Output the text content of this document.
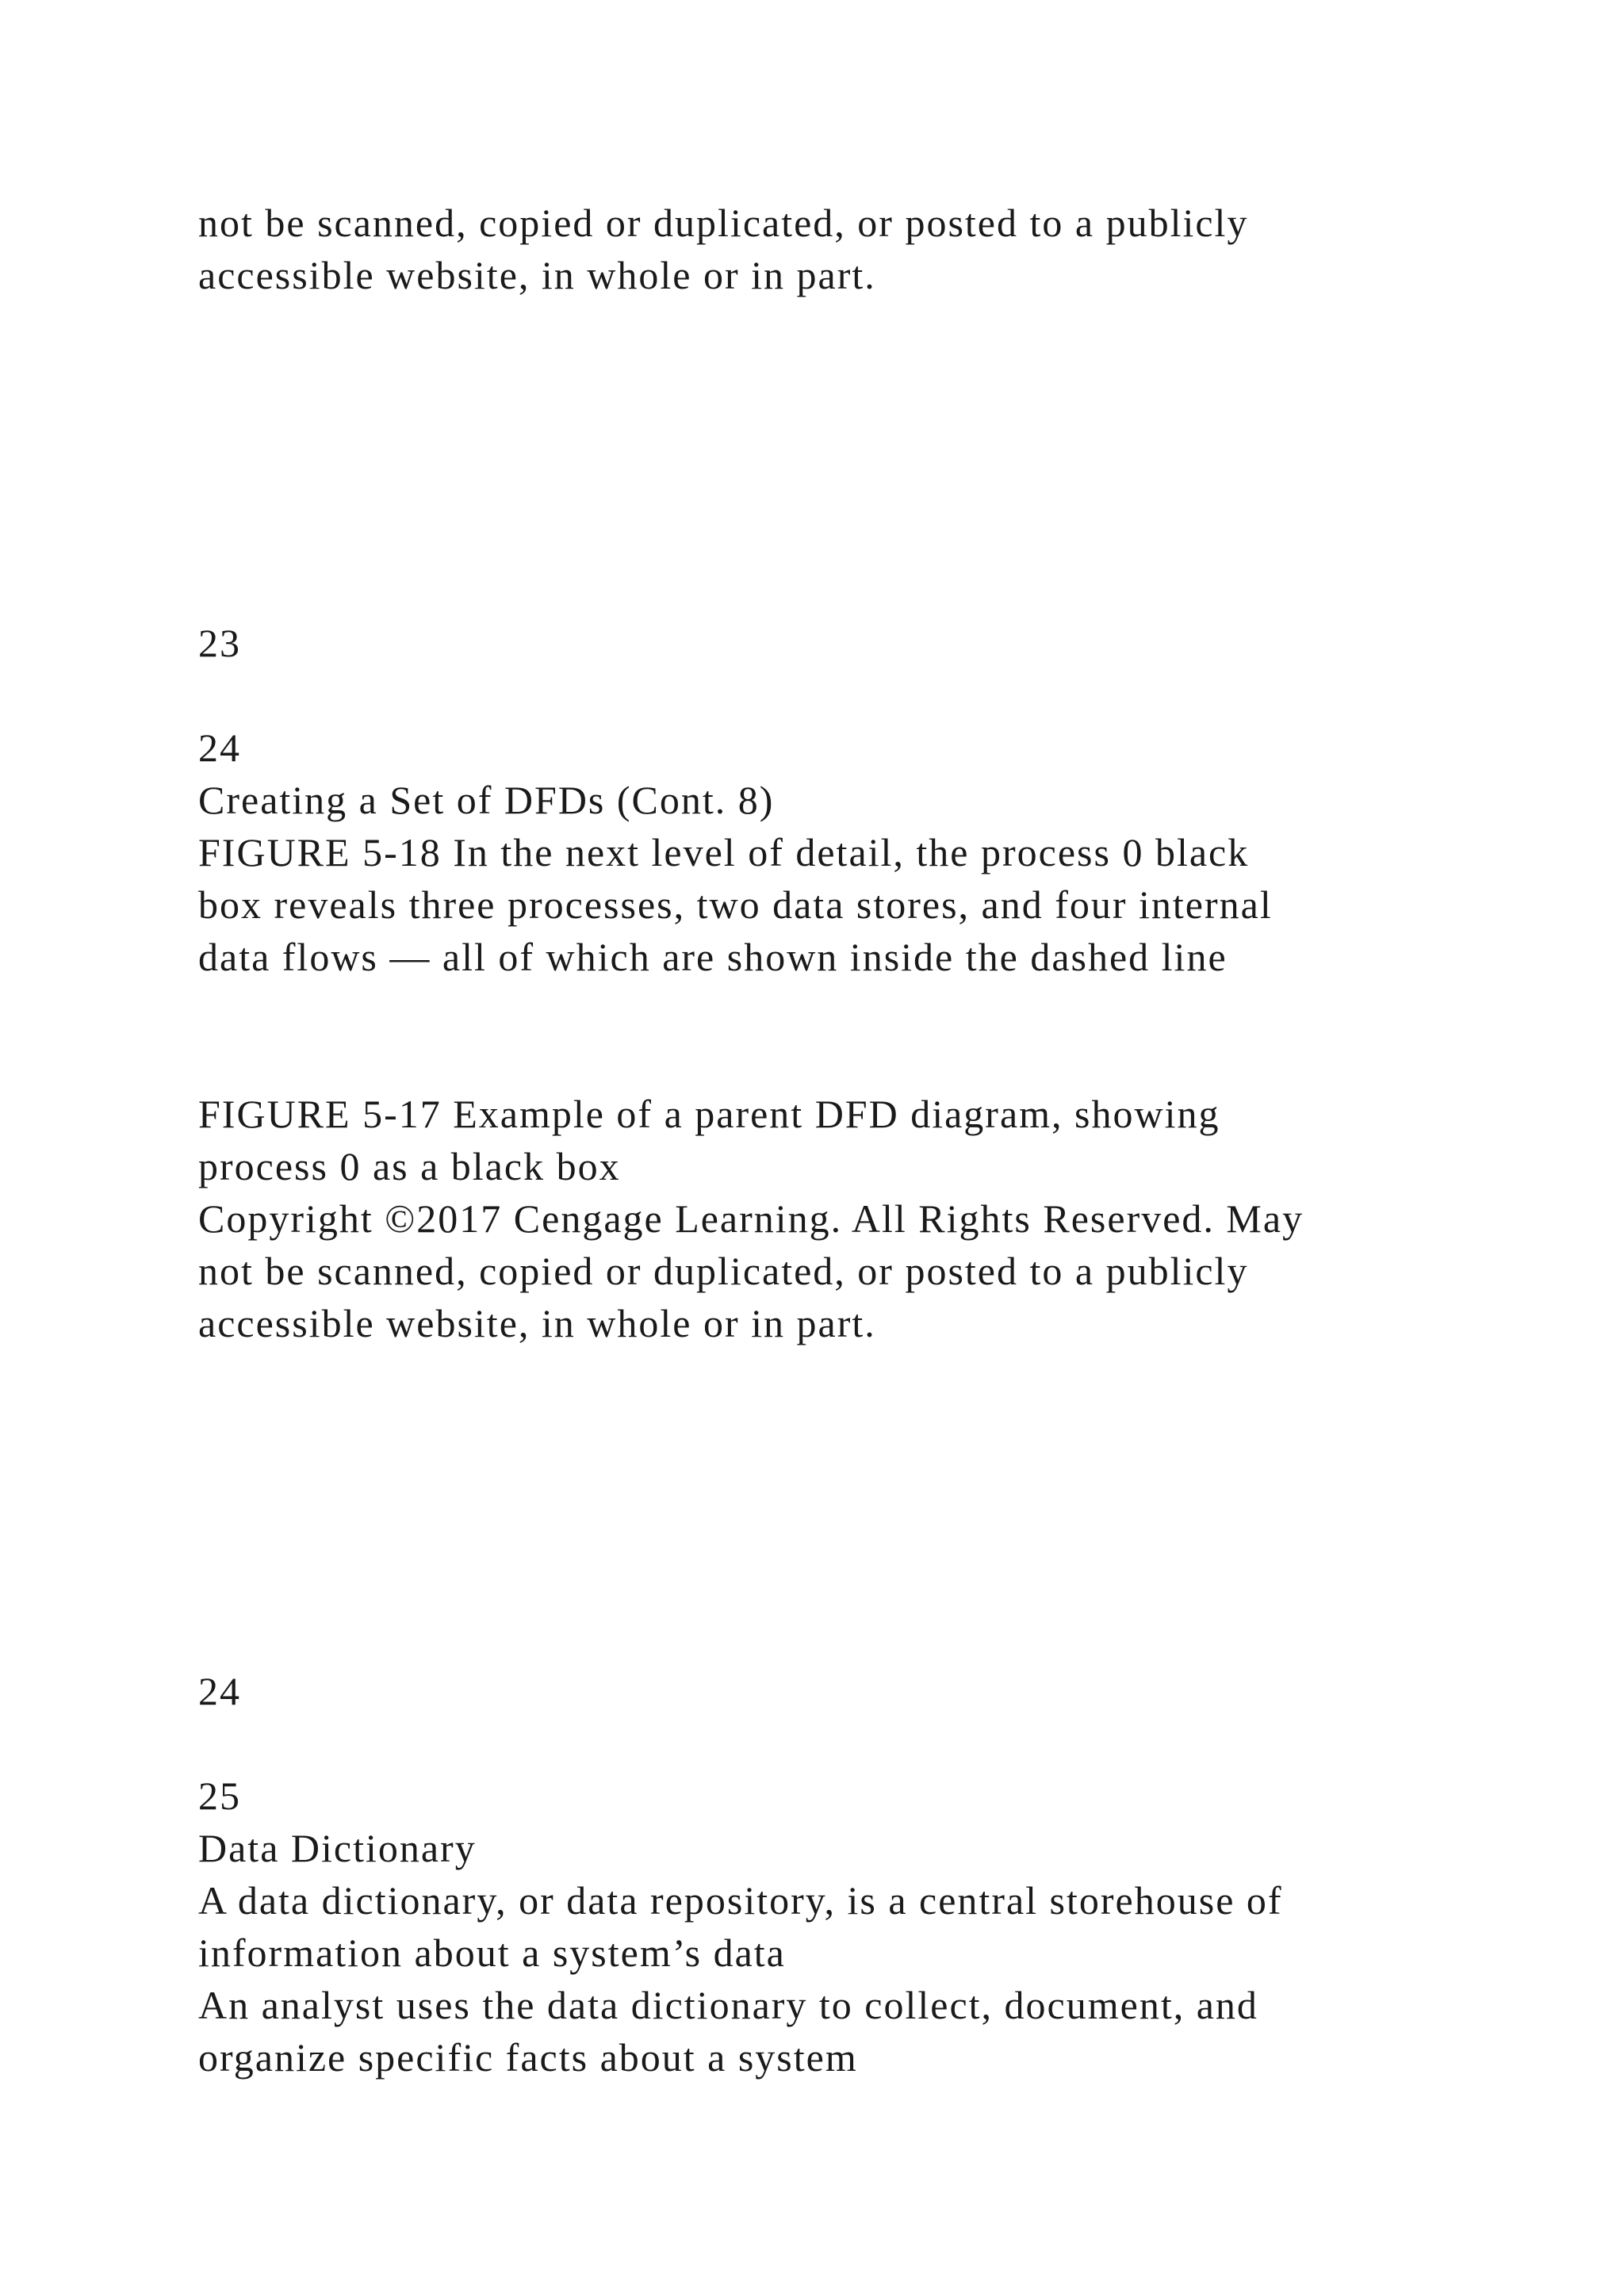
not be scanned, copied or duplicated, or posted to a publicly

accessible website, in whole or in part.

23

24

Creating a Set of DFDs (Cont. 8)

FIGURE 5-18 In the next level of detail, the process 0 black

box reveals three processes, two data stores, and four internal

data flows — all of which are shown inside the dashed line

FIGURE 5-17 Example of a parent DFD diagram, showing

process 0 as a black box

Copyright ©2017 Cengage Learning. All Rights Reserved. May

not be scanned, copied or duplicated, or posted to a publicly

accessible website, in whole or in part.

24

25

Data Dictionary

A data dictionary, or data repository, is a central storehouse of

information about a system’s data

An analyst uses the data dictionary to collect, document, and

organize specific facts about a system
